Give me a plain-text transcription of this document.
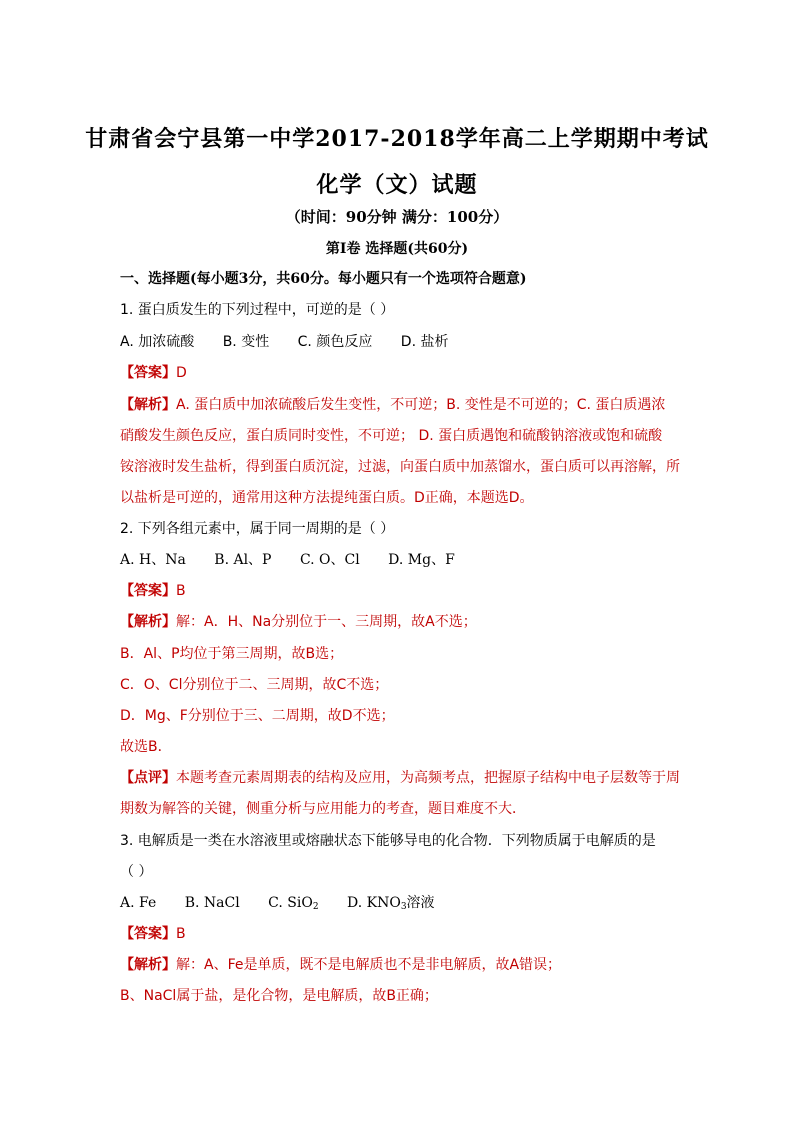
甘肃省会宁县第一中学2017-2018学年高二上学期期中考试
化学（文）试题
（时间：90分钟 满分：100分）
第I卷 选择题(共60分)
一、选择题(每小题3分，共60分。每小题只有一个选项符合题意)
1. 蛋白质发生的下列过程中，可逆的是（ ）
A. 加浓硫酸 B. 变性 C. 颜色反应 D. 盐析
【答案】D
【解析】A. 蛋白质中加浓硫酸后发生变性，不可逆；B. 变性是不可逆的；C. 蛋白质遇浓
硝酸发生颜色反应，蛋白质同时变性，不可逆； D. 蛋白质遇饱和硫酸钠溶液或饱和硫酸
铵溶液时发生盐析，得到蛋白质沉淀，过滤，向蛋白质中加蒸馏水，蛋白质可以再溶解，所
以盐析是可逆的，通常用这种方法提纯蛋白质。D正确，本题选D。
2. 下列各组元素中，属于同一周期的是（ ）
A. H、Na B. Al、P C. O、Cl D. Mg、F
【答案】B
【解析】解：A．H、Na分别位于一、三周期，故A不选；
B．Al、P均位于第三周期，故B选；
C．O、Cl分别位于二、三周期，故C不选；
D．Mg、F分别位于三、二周期，故D不选；
故选B．
【点评】本题考查元素周期表的结构及应用，为高频考点，把握原子结构中电子层数等于周
期数为解答的关键，侧重分析与应用能力的考查，题目难度不大．
3. 电解质是一类在水溶液里或熔融状态下能够导电的化合物．下列物质属于电解质的是
（ ）
A. Fe B. NaCl C. SiO$_2$ D. $KNO_3$溶液
【答案】B
【解析】解：A、Fe是单质，既不是电解质也不是非电解质，故A错误；
B、NaCl属于盐，是化合物，是电解质，故B正确；
